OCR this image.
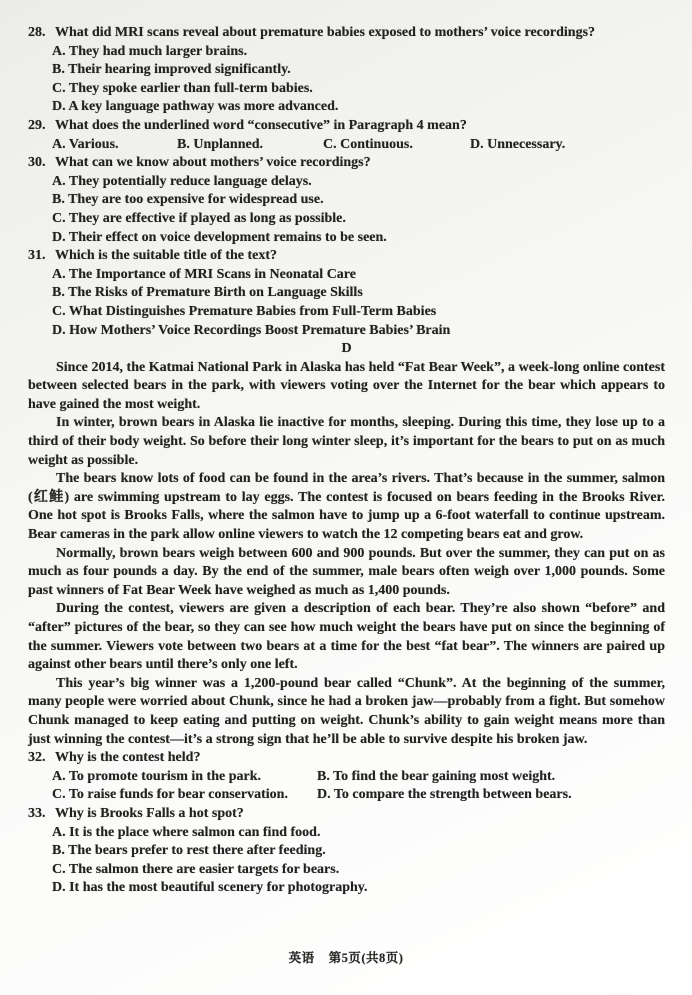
28. What did MRI scans reveal about premature babies exposed to mothers’ voice recordings?
A. They had much larger brains.
B. Their hearing improved significantly.
C. They spoke earlier than full-term babies.
D. A key language pathway was more advanced.
29. What does the underlined word “consecutive” in Paragraph 4 mean?
A. Various.	B. Unplanned.	C. Continuous.	D. Unnecessary.
30. What can we know about mothers’ voice recordings?
A. They potentially reduce language delays.
B. They are too expensive for widespread use.
C. They are effective if played as long as possible.
D. Their effect on voice development remains to be seen.
31. Which is the suitable title of the text?
A. The Importance of MRI Scans in Neonatal Care
B. The Risks of Premature Birth on Language Skills
C. What Distinguishes Premature Babies from Full-Term Babies
D. How Mothers’ Voice Recordings Boost Premature Babies’ Brain
D

Since 2014, the Katmai National Park in Alaska has held “Fat Bear Week”, a week-long online contest between selected bears in the park, with viewers voting over the Internet for the bear which appears to have gained the most weight.

In winter, brown bears in Alaska lie inactive for months, sleeping. During this time, they lose up to a third of their body weight. So before their long winter sleep, it’s important for the bears to put on as much weight as possible.

The bears know lots of food can be found in the area’s rivers. That’s because in the summer, salmon (红鲑) are swimming upstream to lay eggs. The contest is focused on bears feeding in the Brooks River. One hot spot is Brooks Falls, where the salmon have to jump up a 6-foot waterfall to continue upstream. Bear cameras in the park allow online viewers to watch the 12 competing bears eat and grow.

Normally, brown bears weigh between 600 and 900 pounds. But over the summer, they can put on as much as four pounds a day. By the end of the summer, male bears often weigh over 1,000 pounds. Some past winners of Fat Bear Week have weighed as much as 1,400 pounds.

During the contest, viewers are given a description of each bear. They’re also shown “before” and “after” pictures of the bear, so they can see how much weight the bears have put on since the beginning of the summer. Viewers vote between two bears at a time for the best “fat bear”. The winners are paired up against other bears until there’s only one left.

This year’s big winner was a 1,200-pound bear called “Chunk”. At the beginning of the summer, many people were worried about Chunk, since he had a broken jaw—probably from a fight. But somehow Chunk managed to keep eating and putting on weight. Chunk’s ability to gain weight means more than just winning the contest—it’s a strong sign that he’ll be able to survive despite his broken jaw.

32. Why is the contest held?
A. To promote tourism in the park.	B. To find the bear gaining most weight.
C. To raise funds for bear conservation.	D. To compare the strength between bears.
33. Why is Brooks Falls a hot spot?
A. It is the place where salmon can find food.
B. The bears prefer to rest there after feeding.
C. The salmon there are easier targets for bears.
D. It has the most beautiful scenery for photography.
英语 第5页(共8页)
